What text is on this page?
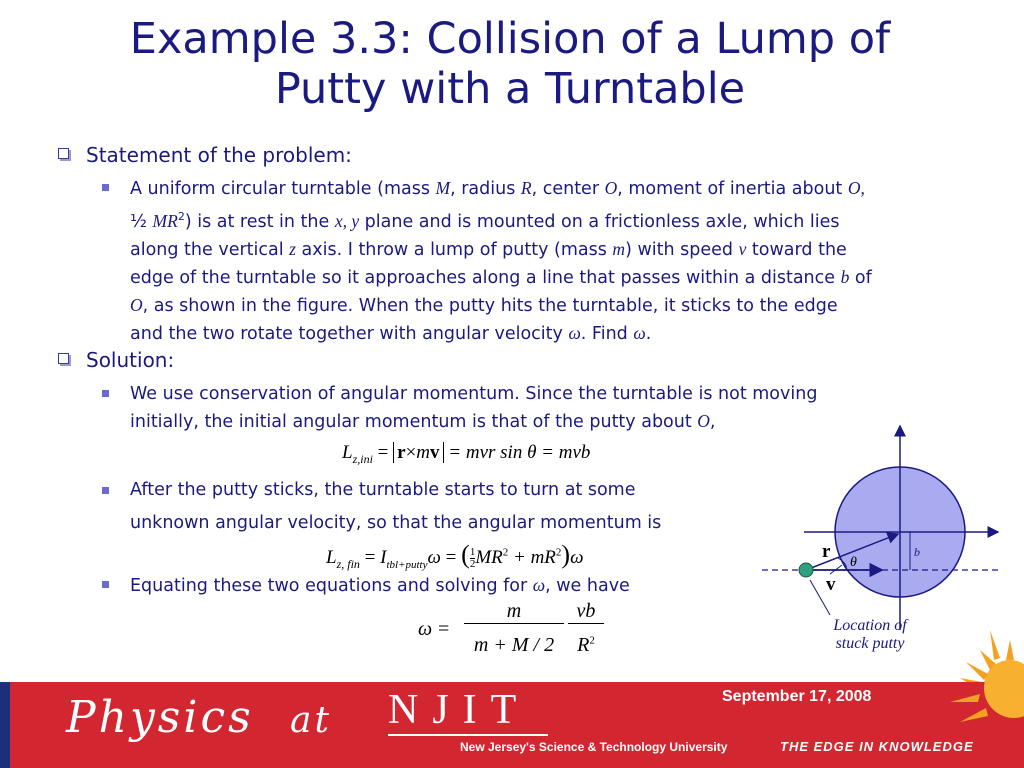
Example 3.3: Collision of a Lump of
Putty with a Turntable
Statement of the problem:
A uniform circular turntable (mass M, radius R, center O, moment of inertia about O,
½ $MR^2$) is at rest in the x, y plane and is mounted on a frictionless axle, which lies
along the vertical z axis. I throw a lump of putty (mass m) with speed v toward the
edge of the turntable so it approaches along a line that passes within a distance b of
O, as shown in the figure. When the putty hits the turntable, it sticks to the edge
and the two rotate together with angular velocity ω. Find ω.
Solution:
We use conservation of angular momentum. Since the turntable is not moving
initially, the initial angular momentum is that of the putty about O,
$L_{z,ini} = r\times mv$ = mvr sin θ = mvb
After the putty sticks, the turntable starts to turn at some
unknown angular velocity, so that the angular momentum is
$L_{z, fin} = I_{tbl+putty}\omega$ = ( $\frac{1}{2} MR^2 + mR^2)\omega$
Equating these two equations and solving for ω, we have
ω =
m
m + M / 2
vb
$R^2$
r
v
θ
b
Location of
stuck putty
September 17, 2008
Physics at NJIT
New Jersey's Science & Technology University	THE EDGE IN KNOWLEDGE
